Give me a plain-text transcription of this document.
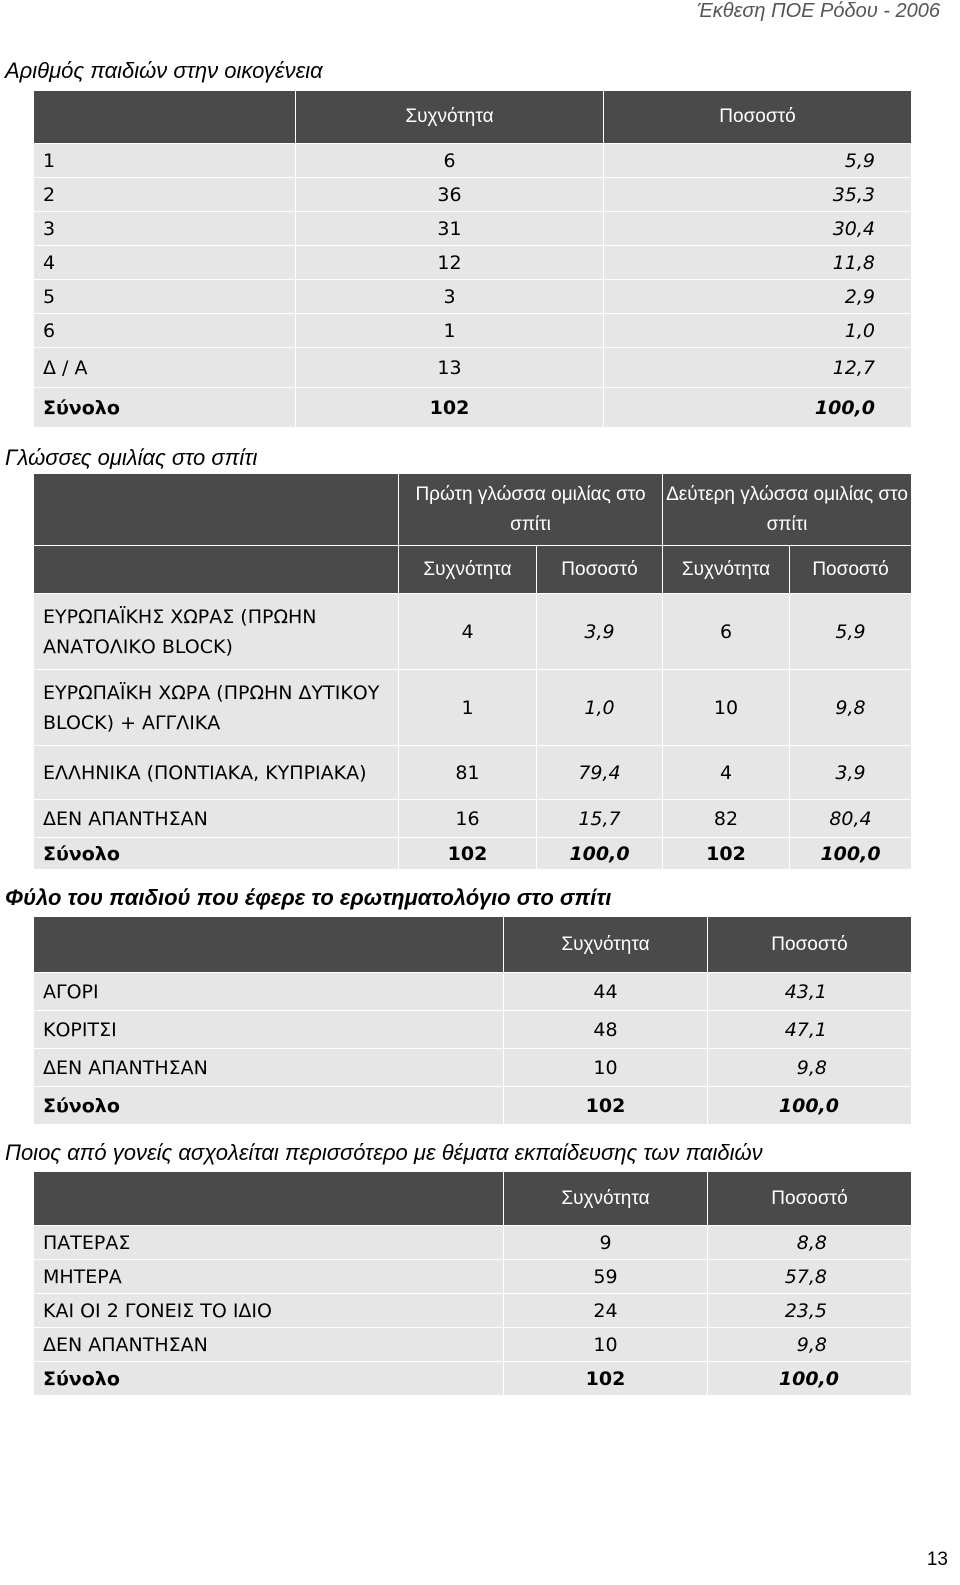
Έκθεση ΠΟΕ Ρόδου - 2006
Αριθμός παιδιών στην οικογένεια
	Συχνότητα	Ποσοστό
1	6	5,9
2	36	35,3
3	31	30,4
4	12	11,8
5	3	2,9
6	1	1,0
Δ / Α	13	12,7
Σύνολο	102	100,0
Γλώσσες ομιλίας στο σπίτι
	Πρώτη γλώσσα ομιλίας στο σπίτι		Δεύτερη γλώσσα ομιλίας στο σπίτι	
	Συχνότητα	Ποσοστό	Συχνότητα	Ποσοστό
ΕΥΡΩΠΑΪΚΗΣ ΧΩΡΑΣ (ΠΡΩΗΝ ΑΝΑΤΟΛΙΚΟ BLOCK)	4	3,9	6	5,9
ΕΥΡΩΠΑΪΚΗ ΧΩΡΑ (ΠΡΩΗΝ ΔΥΤΙΚΟΥ BLOCK) + ΑΓΓΛΙΚΑ	1	1,0	10	9,8
ΕΛΛΗΝΙΚΑ (ΠΟΝΤΙΑΚΑ, ΚΥΠΡΙΑΚΑ)	81	79,4	4	3,9
ΔΕΝ ΑΠΑΝΤΗΣΑΝ	16	15,7	82	80,4
Σύνολο	102	100,0	102	100,0
Φύλο του παιδιού που έφερε το ερωτηματολόγιο στο σπίτι
	Συχνότητα	Ποσοστό
ΑΓΟΡΙ	44	43,1
ΚΟΡΙΤΣΙ	48	47,1
ΔΕΝ ΑΠΑΝΤΗΣΑΝ	10	9,8
Σύνολο	102	100,0
Ποιος από γονείς ασχολείται περισσότερο με θέματα εκπαίδευσης των παιδιών
	Συχνότητα	Ποσοστό
ΠΑΤΕΡΑΣ	9	8,8
ΜΗΤΕΡΑ	59	57,8
ΚΑΙ ΟΙ 2 ΓΟΝΕΙΣ ΤΟ ΙΔΙΟ	24	23,5
ΔΕΝ ΑΠΑΝΤΗΣΑΝ	10	9,8
Σύνολο	102	100,0
13
